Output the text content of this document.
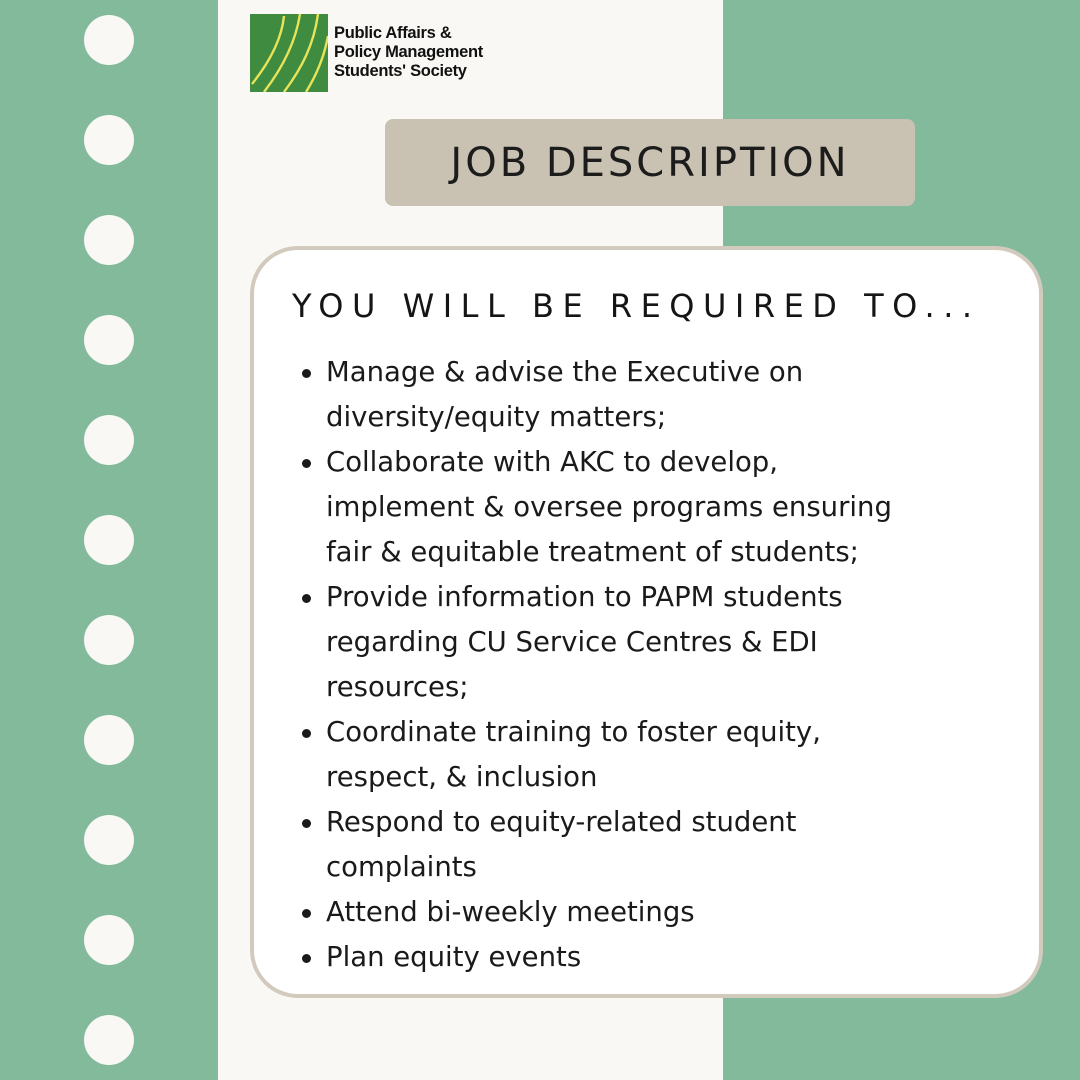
Public Affairs &
Policy Management
Students' Society
JOB DESCRIPTION
YOU WILL BE REQUIRED TO...
Manage & advise the Executive on
diversity/equity matters;
Collaborate with AKC to develop,
implement & oversee programs ensuring
fair & equitable treatment of students;
Provide information to PAPM students
regarding CU Service Centres & EDI
resources;
Coordinate training to foster equity,
respect, & inclusion
Respond to equity-related student
complaints
Attend bi-weekly meetings
Plan equity events
